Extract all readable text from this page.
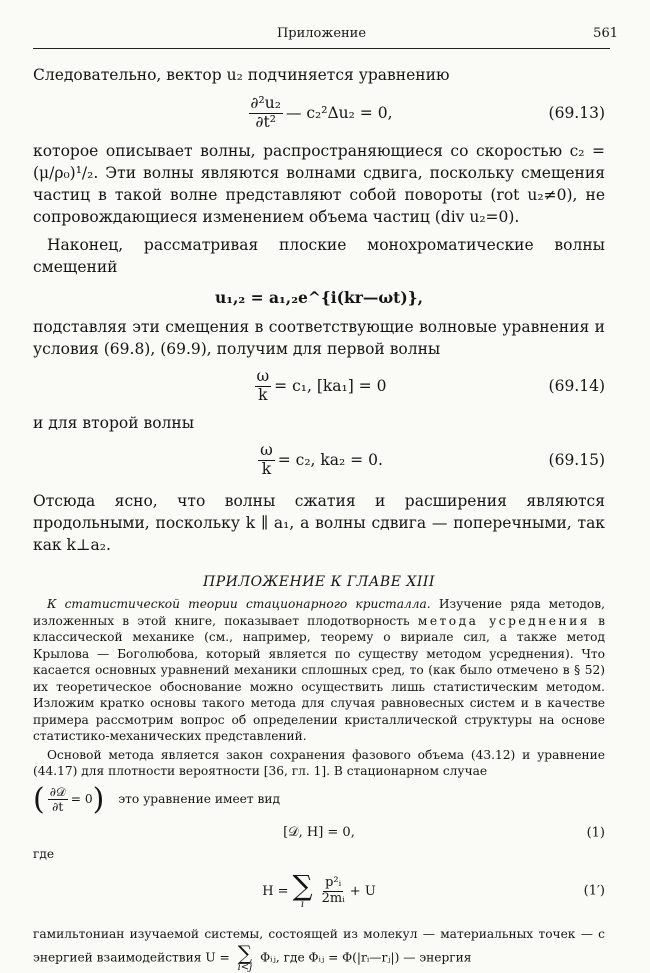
Приложение	561

Следовательно, вектор u₂ подчиняется уравнению

$\frac{\text{∂²u₂}}{\text{∂t²}}$ — c₂²Δu₂ = 0,	(69.13)

которое описывает волны, распространяющиеся со скоростью c₂ = (μ/ρ₀)¹/₂. Эти волны являются волнами сдвига, поскольку смещения частиц в такой волне представляют собой повороты (rot u₂≠0), не сопровождающиеся изменением объема частиц (div u₂=0).

Наконец, рассматривая плоские монохроматические волны смещений

u₁,₂ = a₁,₂e^{i(kr—ωt)},

подставляя эти смещения в соответствующие волновые уравнения и условия (69.8), (69.9), получим для первой волны

$\frac{\omega}{k} = c_1$, [ka₁] = 0	(69.14)

и для второй волны

$\frac{\omega}{k} = c_2$, ka₂ = 0.	(69.15)

Отсюда ясно, что волны сжатия и расширения являются продольными, поскольку k ∥ a₁, а волны сдвига — поперечными, так как k⊥a₂.

ПРИЛОЖЕНИЕ К ГЛАВЕ XIII

К статистической теории стационарного кристалла. Изучение ряда методов, изложенных в этой книге, показывает плодотворность метода усреднения в классической механике (см., например, теорему о вириале сил, а также метод Крылова — Боголюбова, который является по существу методом усреднения). Что касается основных уравнений механики сплошных сред, то (как было отмечено в § 52) их теоретическое обоснование можно осуществить лишь статистическим методом. Изложим кратко основы такого метода для случая равновесных систем и в качестве примера рассмотрим вопрос об определении кристаллической структуры на основе статистико-механических представлений.

Основой метода является закон сохранения фазового объема (43.12) и уравнение (44.17) для плотности вероятности [36, гл. 1]. В стационарном случае

( $\frac{\text{∂𝒟}}{\partial t} = 0$ ) это уравнение имеет вид
[𝒟, H] = 0,	(1)
где
H = ∑
i $\frac{\text{p²ᵢ}}{\text{2mᵢ}} + U$	(1′)

гамильтониан изучаемой системы, состоящей из молекул — материальных точек — с энергией взаимодействия U = ∑
i<j
Φᵢⱼ, где Φᵢⱼ = Φ(|rᵢ—rⱼ|) — энергия
